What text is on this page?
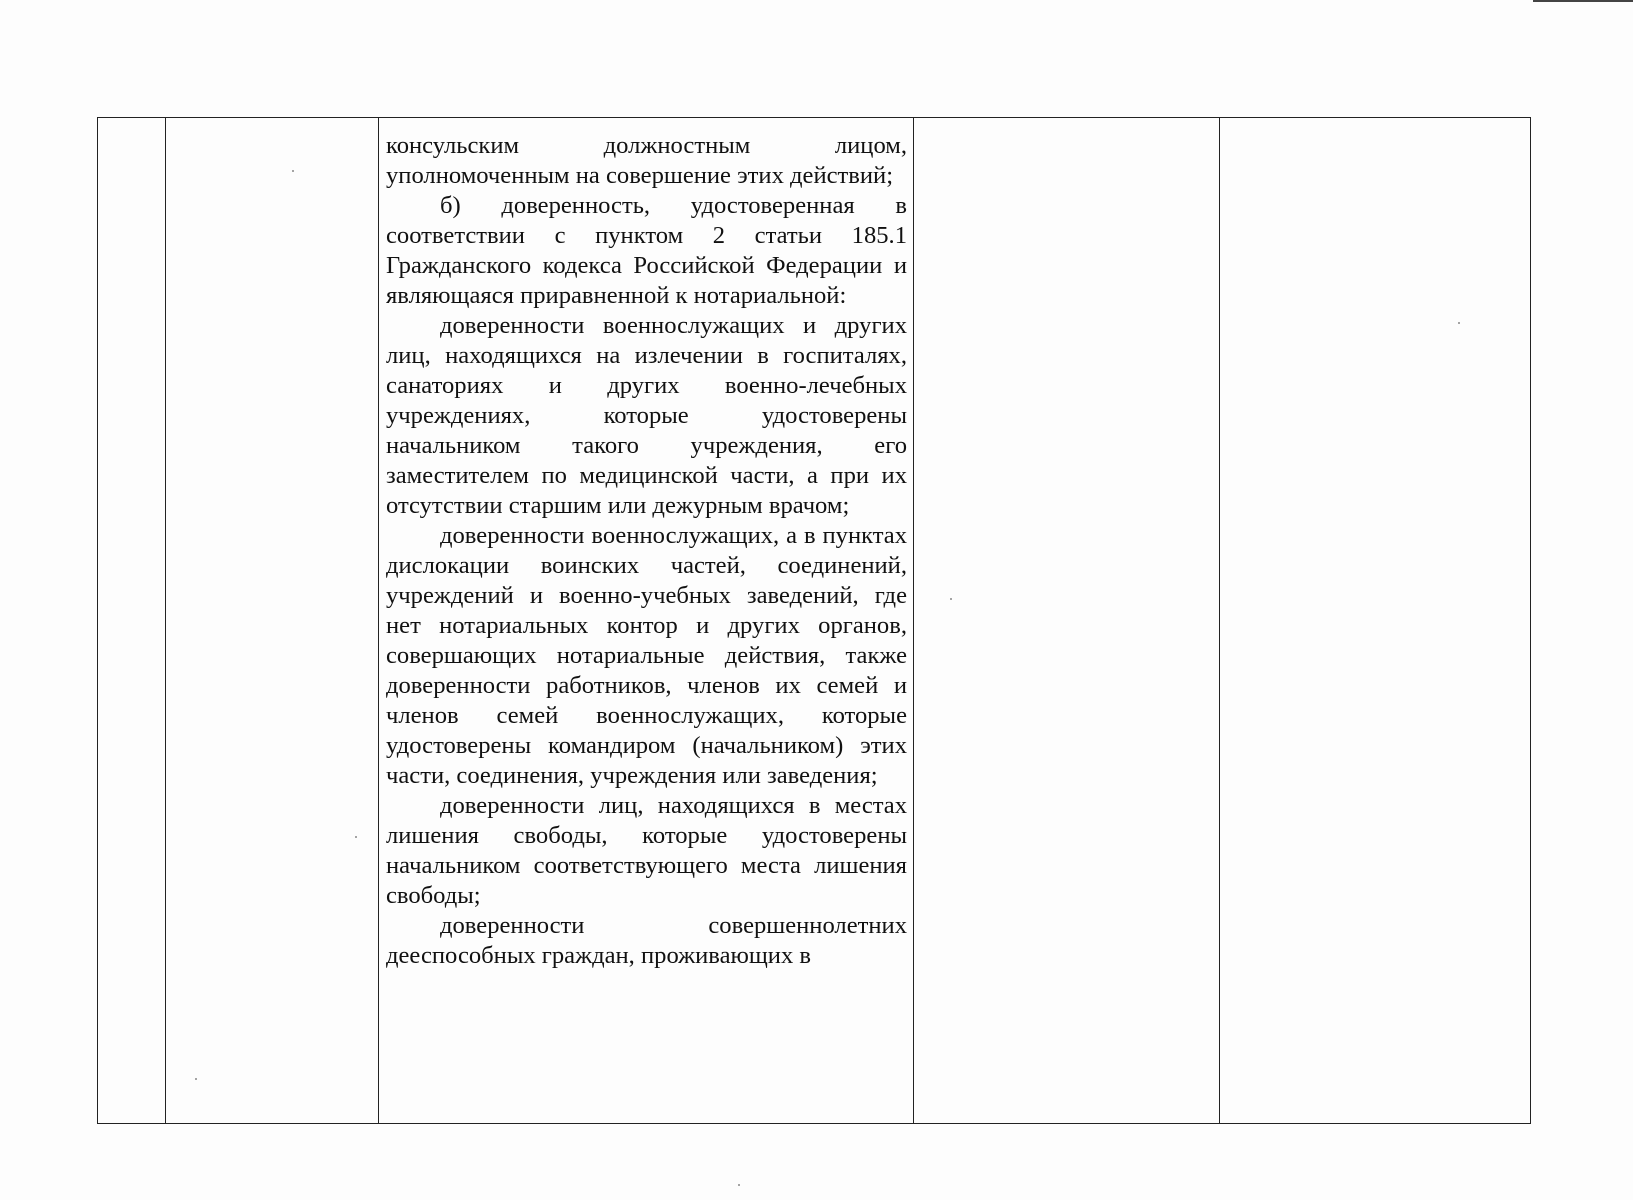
консульским должностным лицом, уполномоченным на совершение этих действий;

б) доверенность, удостоверенная в соответствии с пунктом 2 статьи 185.1 Гражданского кодекса Российской Федерации и являющаяся приравненной к нотариальной:

доверенности военнослужащих и других лиц, находящихся на излечении в госпиталях, санаториях и других военно-лечебных учреждениях, которые удостоверены начальником такого учреждения, его заместителем по медицинской части, а при их отсутствии старшим или дежурным врачом;

доверенности военнослужащих, а в пунктах дислокации воинских частей, соединений, учреждений и военно-учебных заведений, где нет нотариальных контор и других органов, совершающих нотариальные действия, также доверенности работников, членов их семей и членов семей военнослужащих, которые удостоверены командиром (начальником) этих части, соединения, учреждения или заведения;

доверенности лиц, находящихся в местах лишения свободы, которые удостоверены начальником соответствующего места лишения свободы;

доверенности совершеннолетних дееспособных граждан, проживающих в
